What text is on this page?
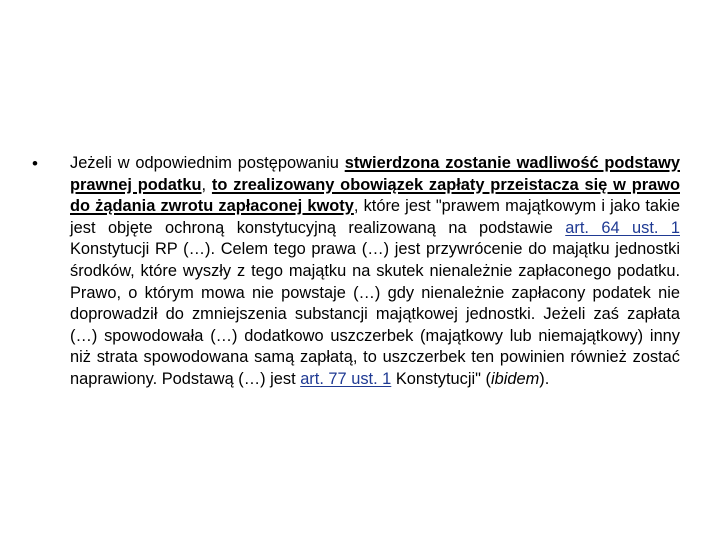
•	Jeżeli w odpowiednim postępowaniu stwierdzona zostanie wadliwość podstawy prawnej podatku, to zrealizowany obowiązek zapłaty przeistacza się w prawo do żądania zwrotu zapłaconej kwoty, które jest "prawem majątkowym i jako takie jest objęte ochroną konstytucyjną realizowaną na podstawie art. 64 ust. 1 Konstytucji RP (…). Celem tego prawa (…) jest przywrócenie do majątku jednostki środków, które wyszły z tego majątku na skutek nienależnie zapłaconego podatku. Prawo, o którym mowa nie powstaje (…) gdy nienależnie zapłacony podatek nie doprowadził do zmniejszenia substancji majątkowej jednostki. Jeżeli zaś zapłata (…) spowodowała (…) dodatkowo uszczerbek (majątkowy lub niemajątkowy) inny niż strata spowodowana samą zapłatą, to uszczerbek ten powinien również zostać naprawiony. Podstawą (…) jest art. 77 ust. 1 Konstytucji" (ibidem).
